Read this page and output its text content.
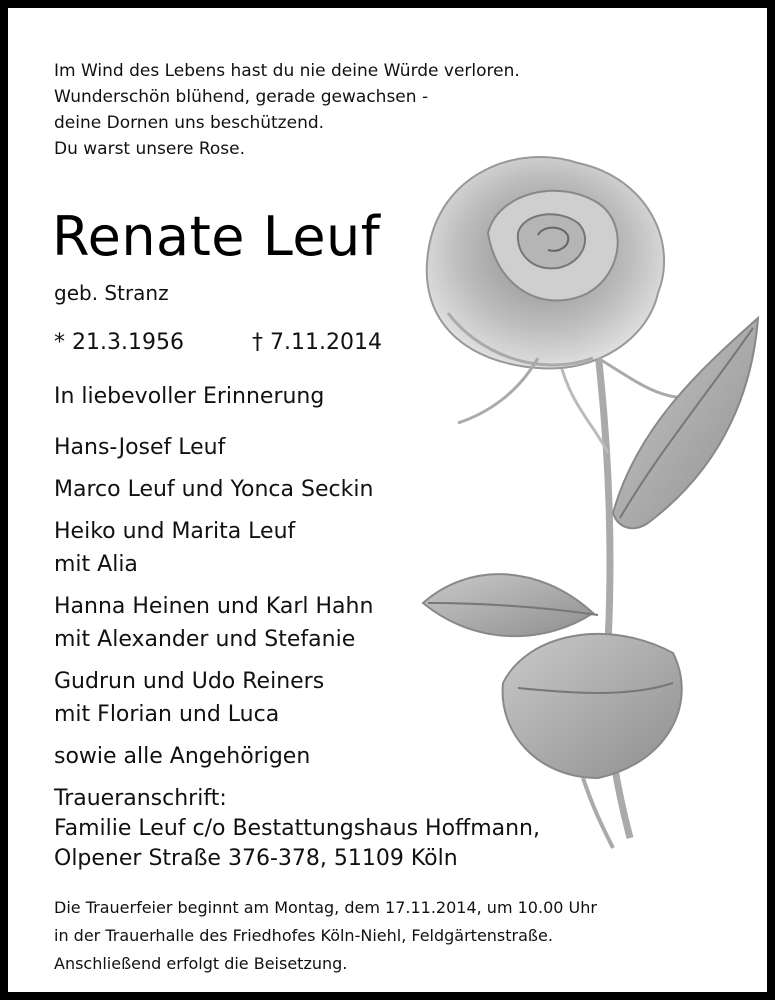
Im Wind des Lebens hast du nie deine Würde verloren.
Wunderschön blühend, gerade gewachsen -
deine Dornen uns beschützend.
Du warst unsere Rose.
Renate Leuf
geb. Stranz
* 21.3.1956	† 7.11.2014
In liebevoller Erinnerung
Hans-Josef Leuf
Marco Leuf und Yonca Seckin
Heiko und Marita Leuf
mit Alia
Hanna Heinen und Karl Hahn
mit Alexander und Stefanie
Gudrun und Udo Reiners
mit Florian und Luca
sowie alle Angehörigen
Traueranschrift:
Familie Leuf c/o Bestattungshaus Hoffmann,
Olpener Straße 376-378, 51109 Köln
Die Trauerfeier beginnt am Montag, dem 17.11.2014, um 10.00 Uhr
in der Trauerhalle des Friedhofes Köln-Niehl, Feldgärtenstraße.
Anschließend erfolgt die Beisetzung.
